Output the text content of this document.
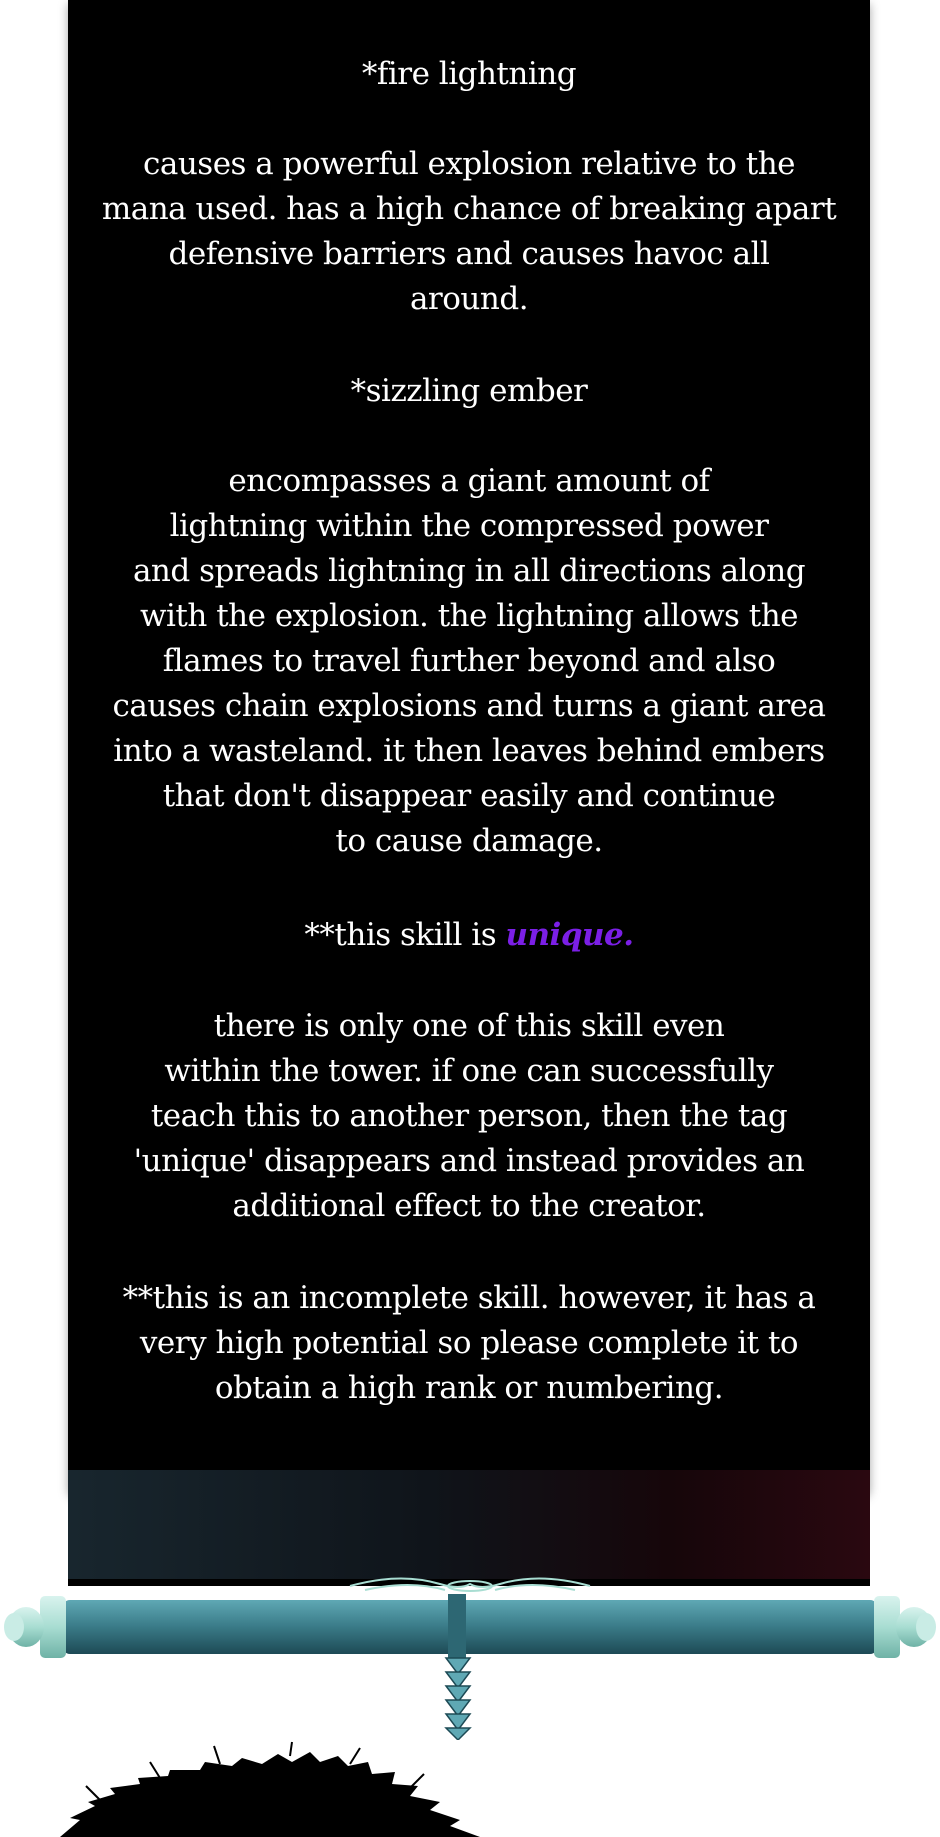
*fire lightning
causes a powerful explosion relative to the
mana used. has a high chance of breaking apart
defensive barriers and causes havoc all
around.
*sizzling ember
encompasses a giant amount of
lightning within the compressed power
and spreads lightning in all directions along
with the explosion. the lightning allows the
flames to travel further beyond and also
causes chain explosions and turns a giant area
into a wasteland. it then leaves behind embers
that don't disappear easily and continue
to cause damage.
**this skill is unique.
there is only one of this skill even
within the tower. if one can successfully
teach this to another person, then the tag
'unique' disappears and instead provides an
additional effect to the creator.
**this is an incomplete skill. however, it has a
very high potential so please complete it to
obtain a high rank or numbering.
